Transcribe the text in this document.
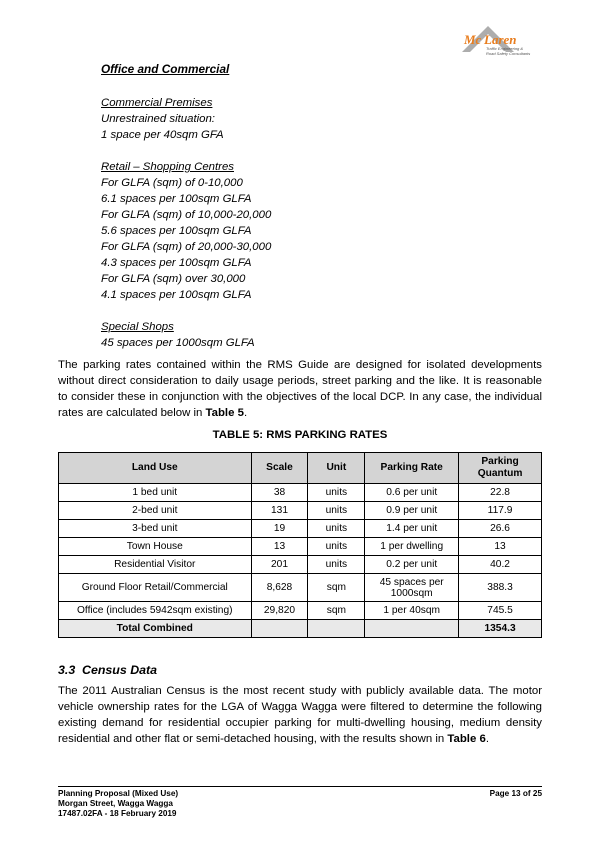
Mc Laren
Traffic Engineering &
Road Safety Consultants
Office and Commercial
Commercial Premises
Unrestrained situation:
1 space per 40sqm GFA
Retail – Shopping Centres
For GLFA (sqm) of 0-10,000
6.1 spaces per 100sqm GLFA
For GLFA (sqm) of 10,000-20,000
5.6 spaces per 100sqm GLFA
For GLFA (sqm) of 20,000-30,000
4.3 spaces per 100sqm GLFA
For GLFA (sqm) over 30,000
4.1 spaces per 100sqm GLFA
Special Shops
45 spaces per 1000sqm GLFA
The parking rates contained within the RMS Guide are designed for isolated developments without direct consideration to daily usage periods, street parking and the like. It is reasonable to consider these in conjunction with the objectives of the local DCP. In any case, the individual rates are calculated below in Table 5.
TABLE 5: RMS PARKING RATES
Land Use	Scale	Unit	Parking Rate	Parking Quantum
1 bed unit	38	units	0.6 per unit	22.8
2-bed unit	131	units	0.9 per unit	117.9
3-bed unit	19	units	1.4 per unit	26.6
Town House	13	units	1 per dwelling	13
Residential Visitor	201	units	0.2 per unit	40.2
Ground Floor Retail/Commercial	8,628	sqm	45 spaces per 1000sqm	388.3
Office (includes 5942sqm existing)	29,820	sqm	1 per 40sqm	745.5
Total Combined				1354.3
3.3 Census Data
The 2011 Australian Census is the most recent study with publicly available data. The motor vehicle ownership rates for the LGA of Wagga Wagga were filtered to determine the following existing demand for residential occupier parking for multi-dwelling housing, medium density residential and other flat or semi-detached housing, with the results shown in Table 6.
Planning Proposal (Mixed Use)
Morgan Street, Wagga Wagga
17487.02FA - 18 February 2019
Page 13 of 25
